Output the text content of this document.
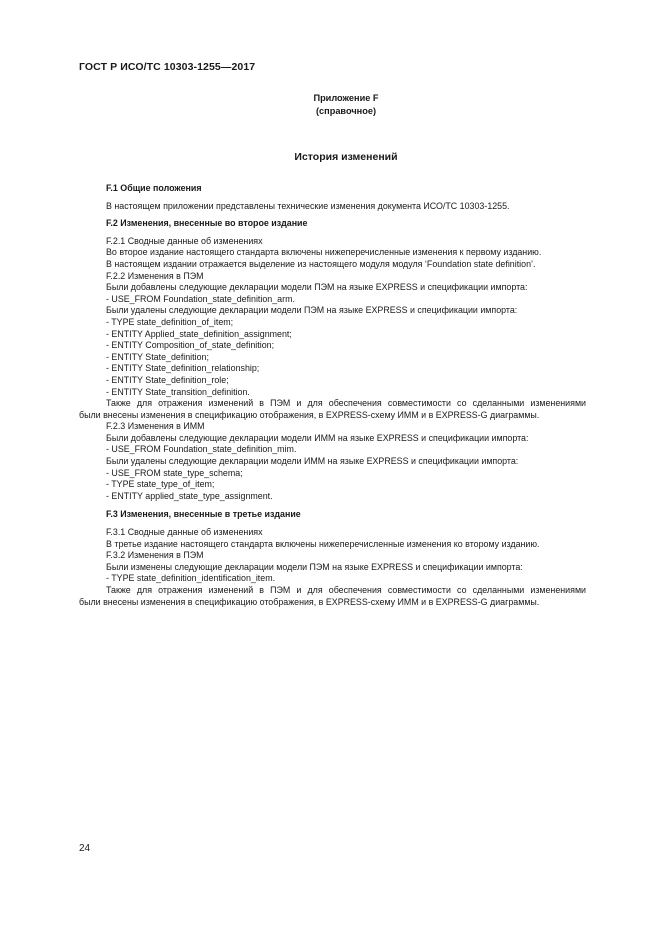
ГОСТ Р ИСО/ТС 10303-1255—2017
Приложение F
(справочное)
История изменений

F.1 Общие положения

В настоящем приложении представлены технические изменения документа ИСО/ТС 10303-1255.

F.2 Изменения, внесенные во второе издание

F.2.1 Сводные данные об изменениях

Во второе издание настоящего стандарта включены нижеперечисленные изменения к первому изданию.

В настоящем издании отражается выделение из настоящего модуля модуля ‘Foundation state definition’.

F.2.2 Изменения в ПЭМ

Были добавлены следующие декларации модели ПЭМ на языке EXPRESS и спецификации импорта:

- USE_FROM Foundation_state_definition_arm.

Были удалены следующие декларации модели ПЭМ на языке EXPRESS и спецификации импорта:

- TYPE state_definition_of_item;

- ENTITY Applied_state_definition_assignment;

- ENTITY Composition_of_state_definition;

- ENTITY State_definition;

- ENTITY State_definition_relationship;

- ENTITY State_definition_role;

- ENTITY State_transition_definition.

Также для отражения изменений в ПЭМ и для обеспечения совместимости со сделанными изменениями

были внесены изменения в спецификацию отображения, в EXPRESS-схему ИММ и в EXPRESS-G диаграммы.

F.2.3 Изменения в ИММ

Были добавлены следующие декларации модели ИММ на языке EXPRESS и спецификации импорта:

- USE_FROM Foundation_state_definition_mim.

Были удалены следующие декларации модели ИММ на языке EXPRESS и спецификации импорта:

- USE_FROM state_type_schema;

- TYPE state_type_of_item;

- ENTITY applied_state_type_assignment.

F.3 Изменения, внесенные в третье издание

F.3.1 Сводные данные об изменениях

В третье издание настоящего стандарта включены нижеперечисленные изменения ко второму изданию.

F.3.2 Изменения в ПЭМ

Были изменены следующие декларации модели ПЭМ на языке EXPRESS и спецификации импорта:

- TYPE state_definition_identification_item.

Также для отражения изменений в ПЭМ и для обеспечения совместимости со сделанными изменениями

были внесены изменения в спецификацию отображения, в EXPRESS-схему ИММ и в EXPRESS-G диаграммы.

24
